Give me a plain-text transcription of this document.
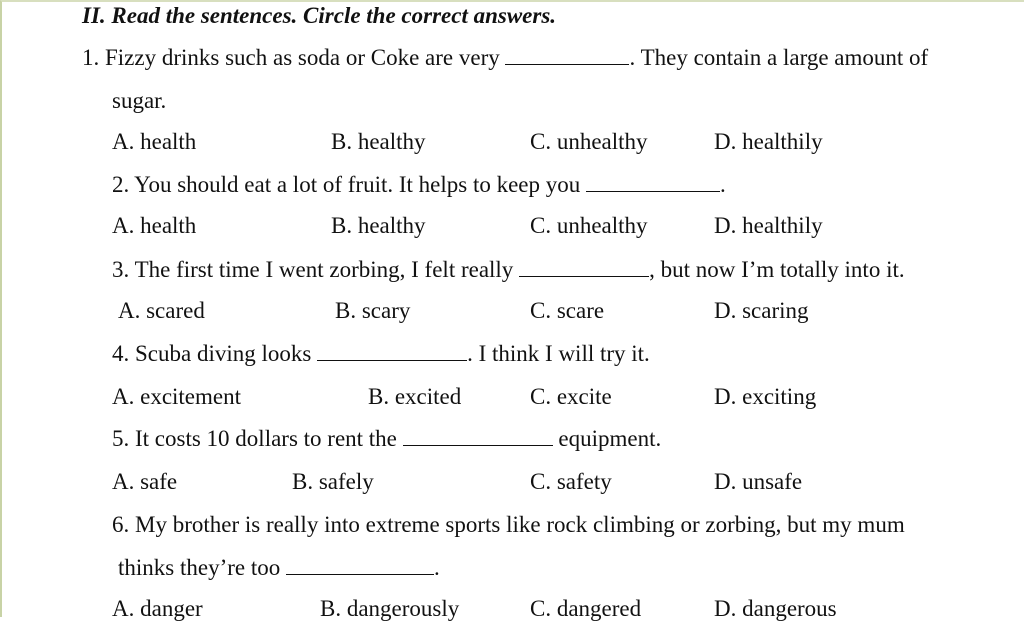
II. Read the sentences. Circle the correct answers.
1. Fizzy drinks such as soda or Coke are very	. They contain a large amount of
sugar.
A. health	B. healthy	C. unhealthy	D. healthily
2. You should eat a lot of fruit. It helps to keep you	.
A. health	B. healthy	C. unhealthy	D. healthily
3. The first time I went zorbing, I felt really	, but now I’m totally into it.
A. scared	B. scary	C. scare	D. scaring
4. Scuba diving looks	. I think I will try it.
A. excitement	B. excited	C. excite	D. exciting
5. It costs 10 dollars to rent the	equipment.
A. safe	B. safely	C. safety	D. unsafe
6. My brother is really into extreme sports like rock climbing or zorbing, but my mum
thinks they’re too	.
A. danger	B. dangerously	C. dangered	D. dangerous
